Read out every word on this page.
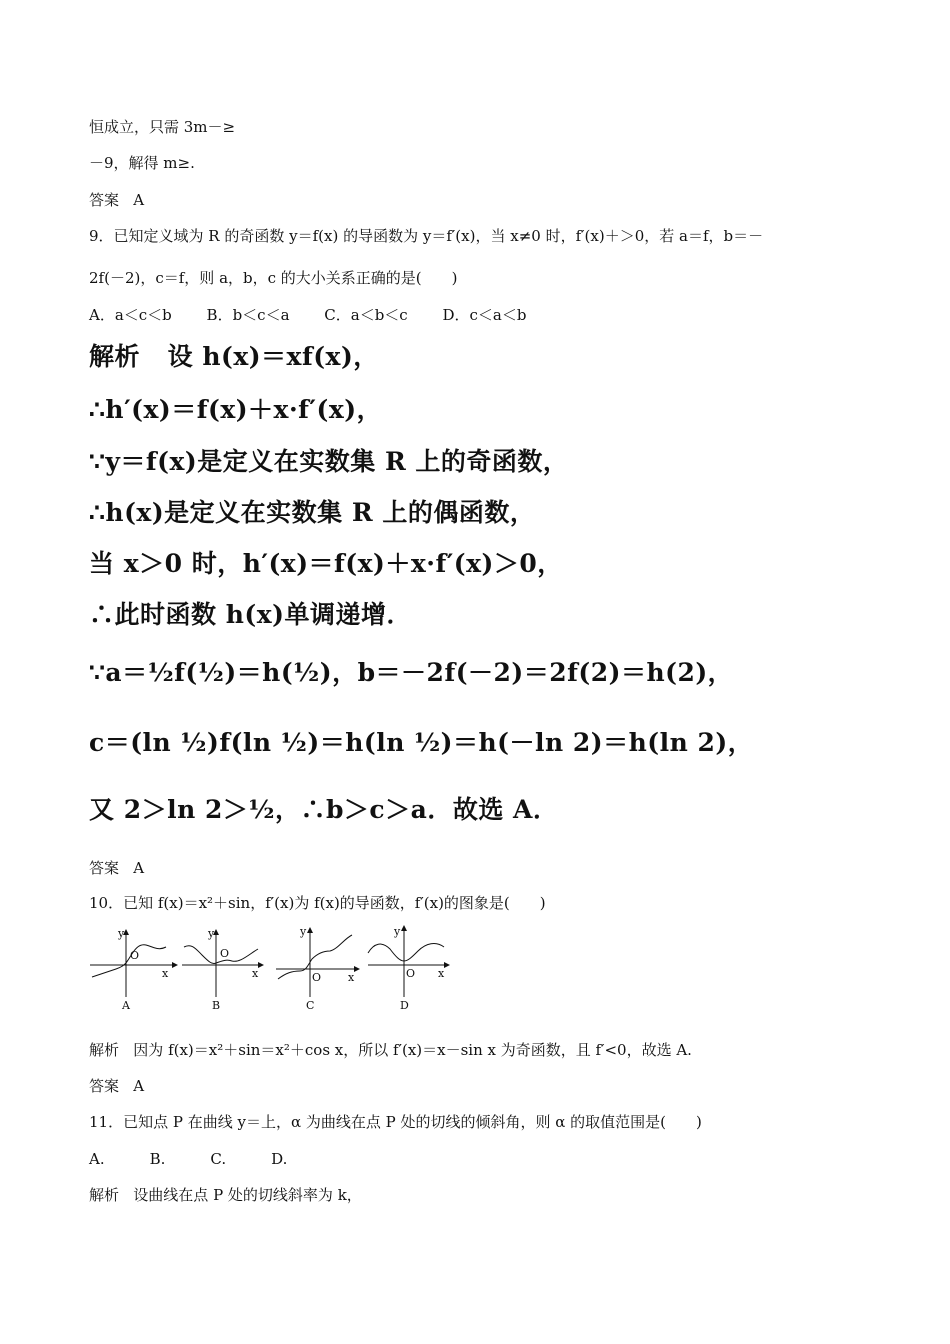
恒成立，只需 3m－≥
－9，解得 m≥.
答案   A
9．已知定义域为 R 的奇函数 y＝f(x) 的导函数为 y＝f′(x)，当 x≠0 时，f′(x)＋＞0，若 a＝f，b＝－
2f(－2)，c＝f，则 a，b，c 的大小关系正确的是(　　)
A．a＜c＜b　　 B．b＜c＜a　　 C．a＜b＜c　　 D．c＜a＜b
解析   设 h(x)＝xf(x)，
∴h′(x)＝f(x)＋x·f′(x)，
∵y＝f(x)是定义在实数集 R 上的奇函数，
∴h(x)是定义在实数集 R 上的偶函数，
当 x＞0 时，h′(x)＝f(x)＋x·f′(x)＞0，
∴此时函数 h(x)单调递增．
∵a＝½f(½)＝h(½)，b＝－2f(－2)＝2f(2)＝h(2)，
c＝(ln ½)f(ln ½)＝h(ln ½)＝h(－ln 2)＝h(ln 2)，
又 2＞ln 2＞½，∴b＞c＞a．故选 A．
答案   A
10．已知 f(x)＝x²＋sin，f′(x)为 f(x)的导函数，f′(x)的图象是(　　)
y
x
O
A
y
x
O
B
y
x
O
C
y
x
O
D
解析   因为 f(x)＝x²＋sin＝x²＋cos x，所以 f′(x)＝x－sin x 为奇函数，且 f′<0，故选 A.
答案   A
11．已知点 P 在曲线 y＝上，α 为曲线在点 P 处的切线的倾斜角，则 α 的取值范围是(　　)
A.　　　B.　　　C.　　　D.
解析   设曲线在点 P 处的切线斜率为 k，
